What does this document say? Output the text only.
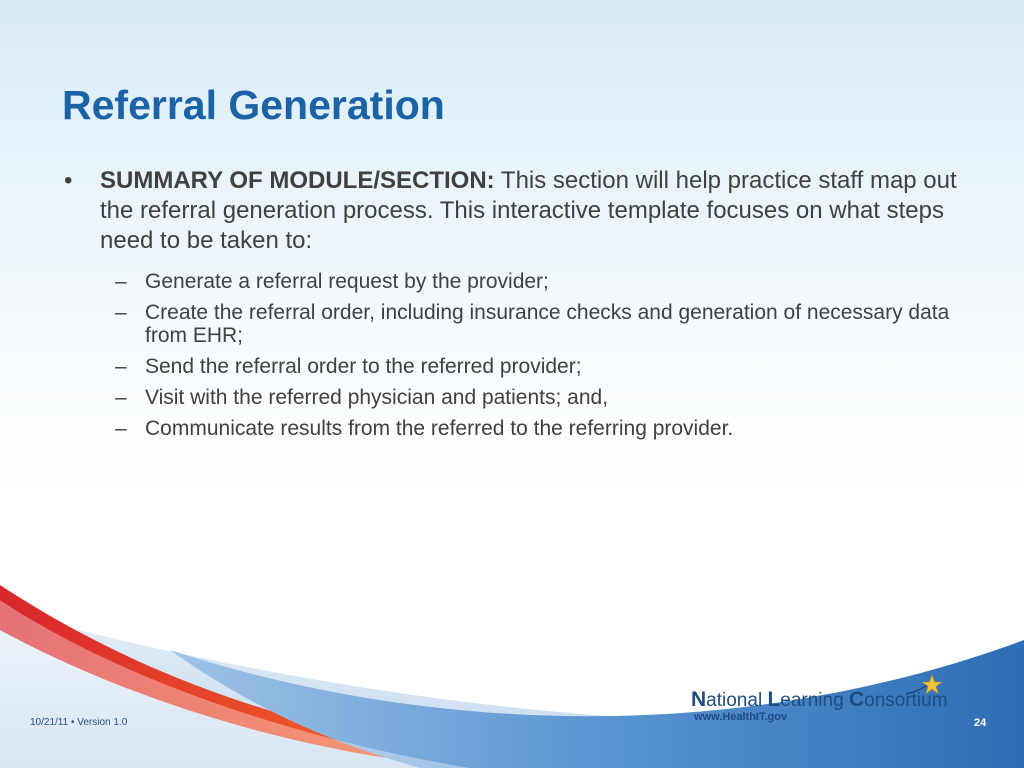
Referral Generation
• SUMMARY OF MODULE/SECTION: This section will help practice staff map out the referral generation process. This interactive template focuses on what steps need to be taken to:
– Generate a referral request by the provider;
– Create the referral order, including insurance checks and generation of necessary data from EHR;
– Send the referral order to the referred provider;
– Visit with the referred physician and patients; and,
– Communicate results from the referred to the referring provider.
National Learning Consortium
www.HealthIT.gov
10/21/11 • Version 1.0	24
